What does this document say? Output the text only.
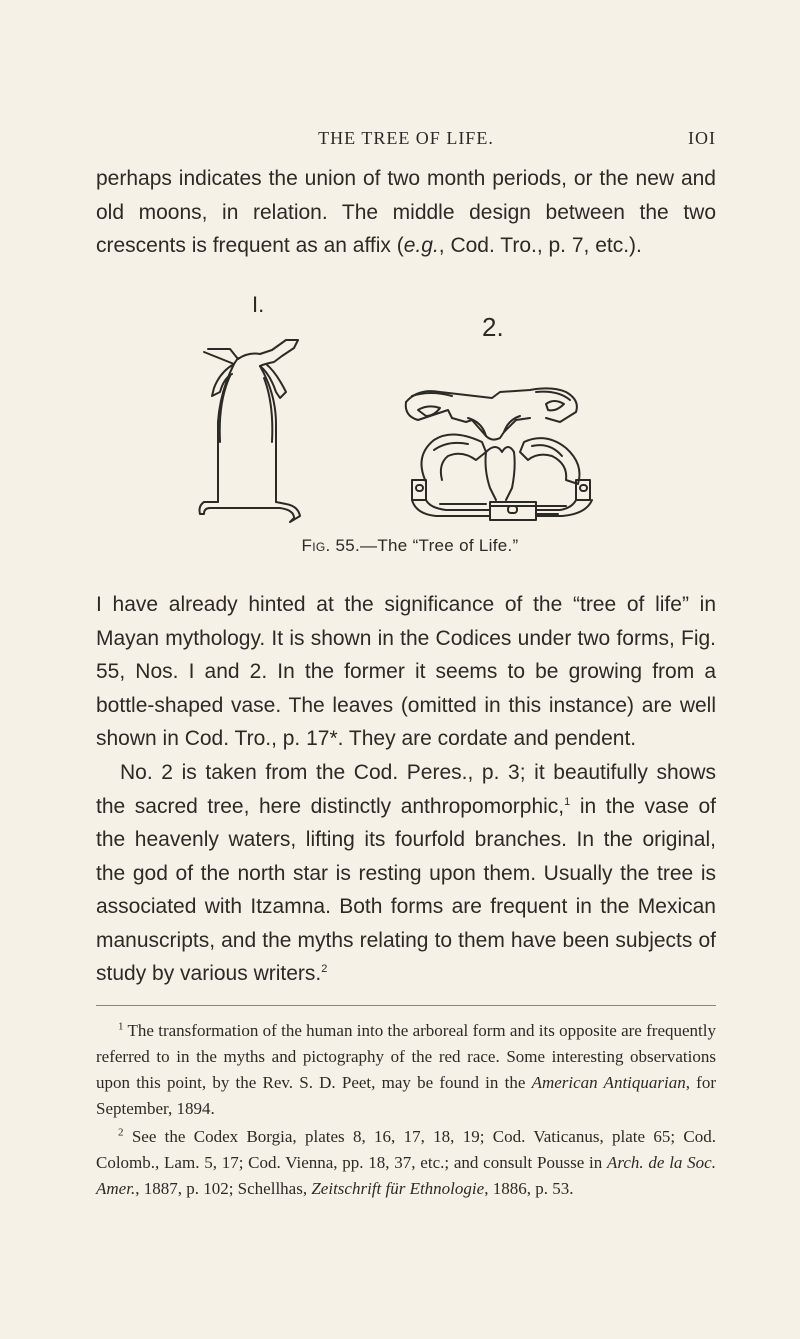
THE TREE OF LIFE.	IOI

perhaps indicates the union of two month periods, or the new and old moons, in relation. The middle design between the two crescents is frequent as an affix (e.g., Cod. Tro., p. 7, etc.).

I.
2.
Fig. 55.—The “Tree of Life.”

I have already hinted at the significance of the “tree of life” in Mayan mythology. It is shown in the Codices under two forms, Fig. 55, Nos. I and 2. In the former it seems to be growing from a bottle-shaped vase. The leaves (omitted in this instance) are well shown in Cod. Tro., p. 17*. They are cordate and pendent.

No. 2 is taken from the Cod. Peres., p. 3; it beautifully shows the sacred tree, here distinctly anthropomorphic,$^1$ in the vase of the heavenly waters, lifting its fourfold branches. In the original, the god of the north star is resting upon them. Usually the tree is associated with Itzamna. Both forms are frequent in the Mexican manuscripts, and the myths relating to them have been subjects of study by various writers.$^2$

$^1$ The transformation of the human into the arboreal form and its opposite are frequently referred to in the myths and pictography of the red race. Some interesting observations upon this point, by the Rev. S. D. Peet, may be found in the American Antiquarian, for September, 1894.

$^2$ See the Codex Borgia, plates 8, 16, 17, 18, 19; Cod. Vaticanus, plate 65; Cod. Colomb., Lam. 5, 17; Cod. Vienna, pp. 18, 37, etc.; and consult Pousse in Arch. de la Soc. Amer., 1887, p. 102; Schellhas, Zeitschrift für Ethnologie, 1886, p. 53.
